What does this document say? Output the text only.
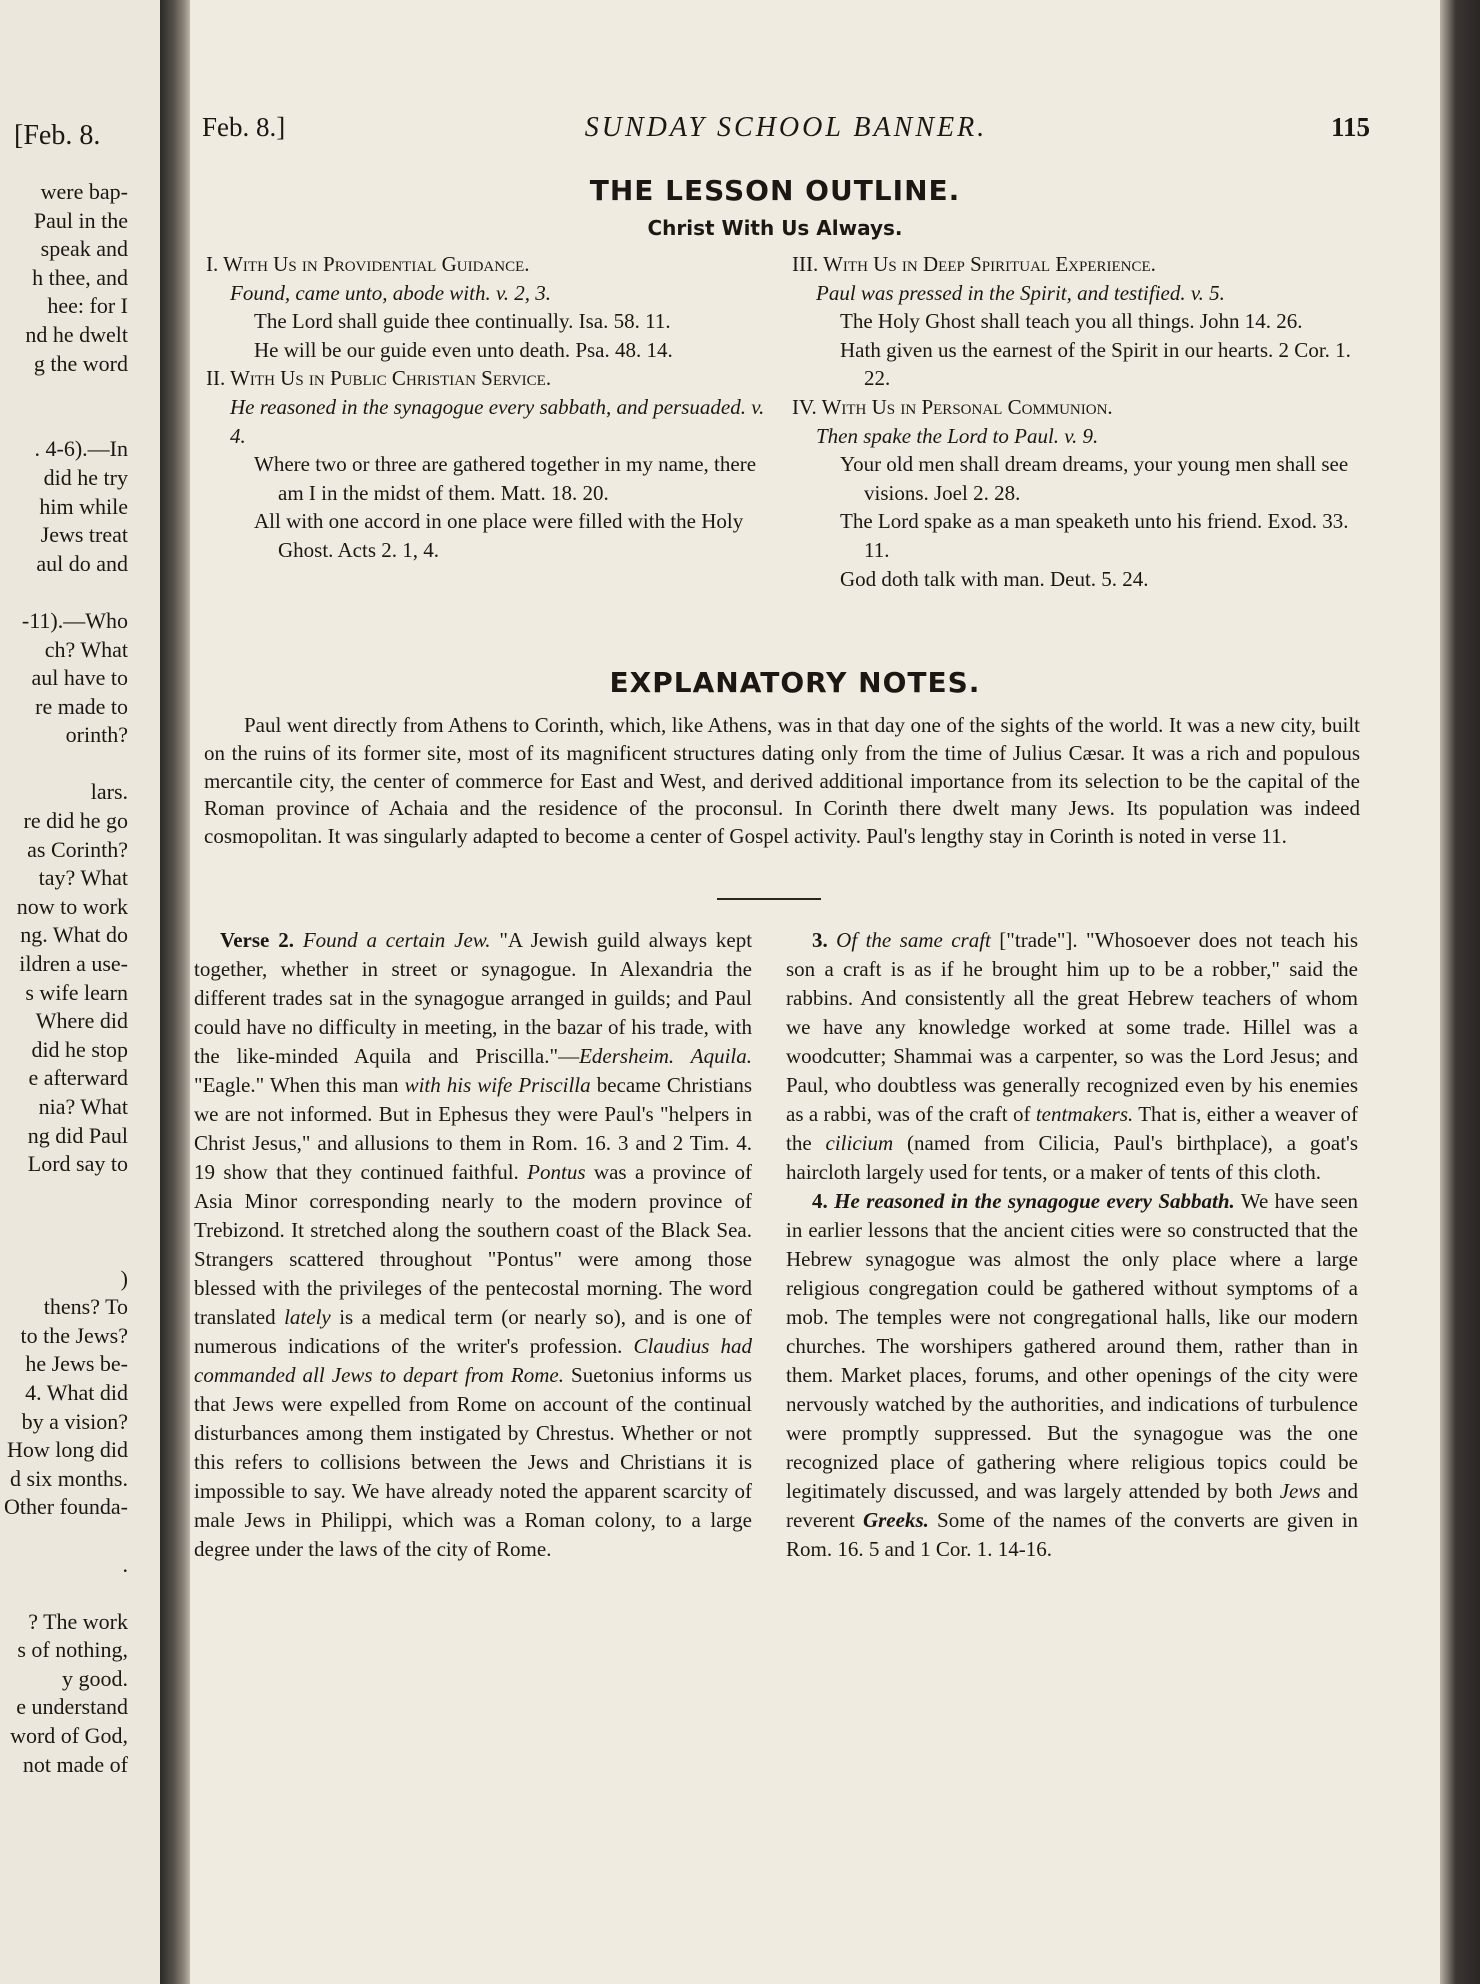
[Feb. 8.
were bap-
Paul in the
speak and
h thee, and
hee: for I
nd he dwelt
g the word
. 4-6).—In
did he try
him while
Jews treat
aul do and
-11).—Who
ch? What
aul have to
re made to
orinth?
lars.
re did he go
as Corinth?
tay? What
now to work
ng. What do
ildren a use-
s wife learn
Where did
did he stop
e afterward
nia? What
ng did Paul
Lord say to
)
thens? To
to the Jews?
he Jews be-
4. What did
by a vision?
How long did
d six months.
Other founda-
.
? The work
s of nothing,
y good.
e understand
word of God,
not made of
Feb. 8.]	SUNDAY SCHOOL BANNER.	115
THE LESSON OUTLINE.
Christ With Us Always.
I. With Us in Providential Guidance.
Found, came unto, abode with. v. 2, 3.
The Lord shall guide thee continually. Isa. 58. 11.
He will be our guide even unto death. Psa. 48. 14.
II. With Us in Public Christian Service.
He reasoned in the synagogue every sabbath, and persuaded. v. 4.
Where two or three are gathered together in my name, there am I in the midst of them. Matt. 18. 20.
All with one accord in one place were filled with the Holy Ghost. Acts 2. 1, 4.
III. With Us in Deep Spiritual Experience.
Paul was pressed in the Spirit, and testified. v. 5.
The Holy Ghost shall teach you all things. John 14. 26.
Hath given us the earnest of the Spirit in our hearts. 2 Cor. 1. 22.
IV. With Us in Personal Communion.
Then spake the Lord to Paul. v. 9.
Your old men shall dream dreams, your young men shall see visions. Joel 2. 28.
The Lord spake as a man speaketh unto his friend. Exod. 33. 11.
God doth talk with man. Deut. 5. 24.
EXPLANATORY NOTES.
Paul went directly from Athens to Corinth, which, like Athens, was in that day one of the sights of the world. It was a new city, built on the ruins of its former site, most of its magnificent structures dating only from the time of Julius Cæsar. It was a rich and populous mercantile city, the center of commerce for East and West, and derived additional importance from its selection to be the capital of the Roman province of Achaia and the residence of the proconsul. In Corinth there dwelt many Jews. Its population was indeed cosmopolitan. It was singularly adapted to become a center of Gospel activity. Paul's lengthy stay in Corinth is noted in verse 11.

Verse 2. Found a certain Jew. "A Jewish guild always kept together, whether in street or synagogue. In Alexandria the different trades sat in the synagogue arranged in guilds; and Paul could have no difficulty in meeting, in the bazar of his trade, with the like-minded Aquila and Priscilla."—Edersheim. Aquila. "Eagle." When this man with his wife Priscilla became Christians we are not informed. But in Ephesus they were Paul's "helpers in Christ Jesus," and allusions to them in Rom. 16. 3 and 2 Tim. 4. 19 show that they continued faithful. Pontus was a province of Asia Minor corresponding nearly to the modern province of Trebizond. It stretched along the southern coast of the Black Sea. Strangers scattered throughout "Pontus" were among those blessed with the privileges of the pentecostal morning. The word translated lately is a medical term (or nearly so), and is one of numerous indications of the writer's profession. Claudius had commanded all Jews to depart from Rome. Suetonius informs us that Jews were expelled from Rome on account of the continual disturbances among them instigated by Chrestus. Whether or not this refers to collisions between the Jews and Christians it is impossible to say. We have already noted the apparent scarcity of male Jews in Philippi, which was a Roman colony, to a large degree under the laws of the city of Rome.

3. Of the same craft ["trade"]. "Whosoever does not teach his son a craft is as if he brought him up to be a robber," said the rabbins. And consistently all the great Hebrew teachers of whom we have any knowledge worked at some trade. Hillel was a woodcutter; Shammai was a carpenter, so was the Lord Jesus; and Paul, who doubtless was generally recognized even by his enemies as a rabbi, was of the craft of tentmakers. That is, either a weaver of the cilicium (named from Cilicia, Paul's birthplace), a goat's haircloth largely used for tents, or a maker of tents of this cloth.

4. He reasoned in the synagogue every Sabbath. We have seen in earlier lessons that the ancient cities were so constructed that the Hebrew synagogue was almost the only place where a large religious congregation could be gathered without symptoms of a mob. The temples were not congregational halls, like our modern churches. The worshipers gathered around them, rather than in them. Market places, forums, and other openings of the city were nervously watched by the authorities, and indications of turbulence were promptly suppressed. But the synagogue was the one recognized place of gathering where religious topics could be legitimately discussed, and was largely attended by both Jews and reverent Greeks. Some of the names of the converts are given in Rom. 16. 5 and 1 Cor. 1. 14-16.
